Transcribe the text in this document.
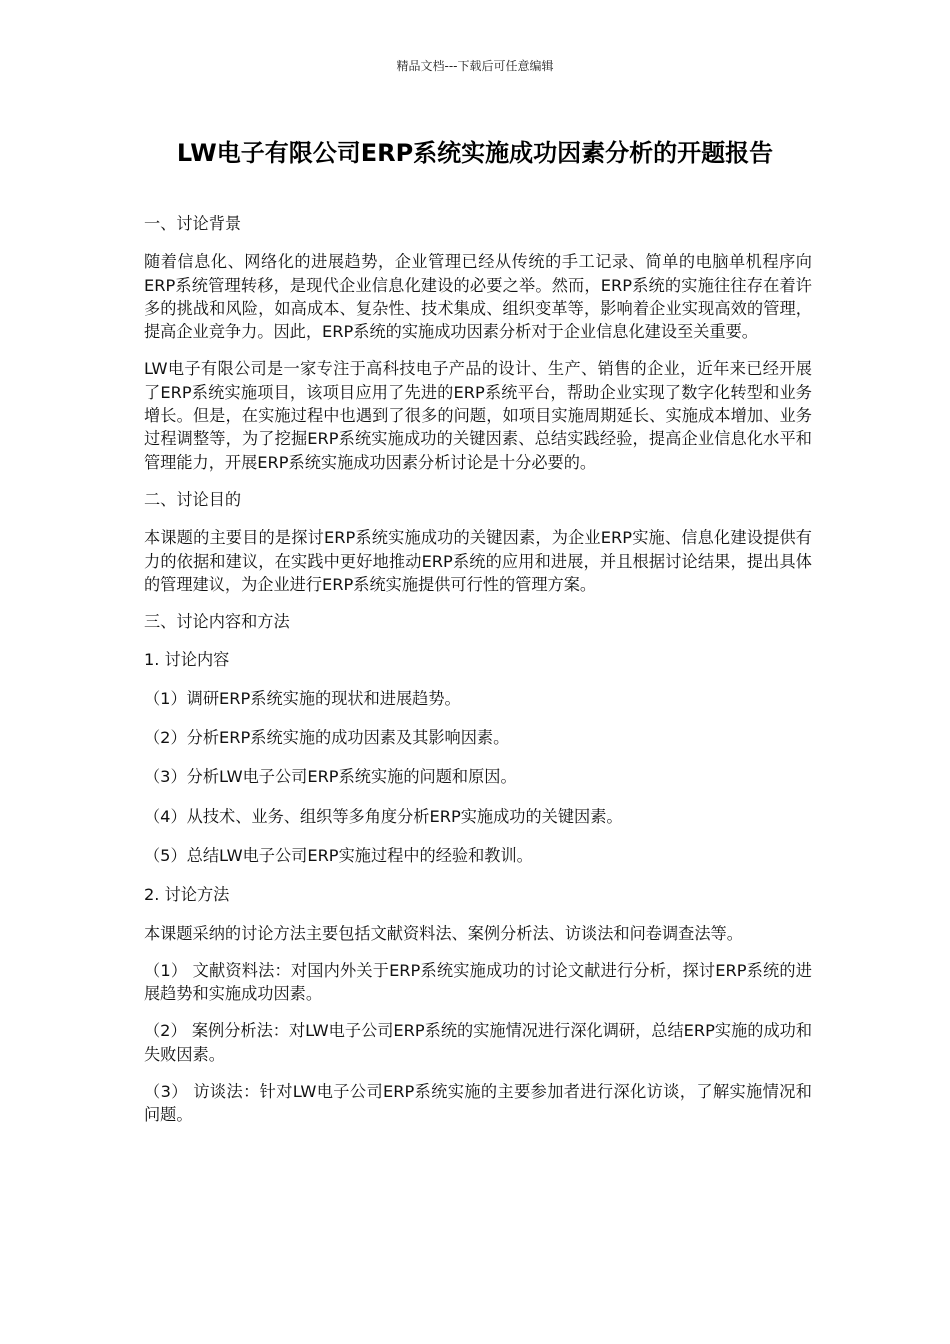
精品文档---下载后可任意编辑
LW电子有限公司ERP系统实施成功因素分析的开题报告

一、讨论背景

随着信息化、网络化的进展趋势，企业管理已经从传统的手工记录、简单的电脑单机程序向ERP系统管理转移，是现代企业信息化建设的必要之举。然而，ERP系统的实施往往存在着许多的挑战和风险，如高成本、复杂性、技术集成、组织变革等，影响着企业实现高效的管理，提高企业竞争力。因此，ERP系统的实施成功因素分析对于企业信息化建设至关重要。

LW电子有限公司是一家专注于高科技电子产品的设计、生产、销售的企业，近年来已经开展了ERP系统实施项目，该项目应用了先进的ERP系统平台，帮助企业实现了数字化转型和业务增长。但是，在实施过程中也遇到了很多的问题，如项目实施周期延长、实施成本增加、业务过程调整等，为了挖掘ERP系统实施成功的关键因素、总结实践经验，提高企业信息化水平和管理能力，开展ERP系统实施成功因素分析讨论是十分必要的。

二、讨论目的

本课题的主要目的是探讨ERP系统实施成功的关键因素，为企业ERP实施、信息化建设提供有力的依据和建议，在实践中更好地推动ERP系统的应用和进展，并且根据讨论结果，提出具体的管理建议，为企业进行ERP系统实施提供可行性的管理方案。

三、讨论内容和方法

1. 讨论内容

（1）调研ERP系统实施的现状和进展趋势。

（2）分析ERP系统实施的成功因素及其影响因素。

（3）分析LW电子公司ERP系统实施的问题和原因。

（4）从技术、业务、组织等多角度分析ERP实施成功的关键因素。

（5）总结LW电子公司ERP实施过程中的经验和教训。

2. 讨论方法

本课题采纳的讨论方法主要包括文献资料法、案例分析法、访谈法和问卷调查法等。

（1） 文献资料法：对国内外关于ERP系统实施成功的讨论文献进行分析，探讨ERP系统的进展趋势和实施成功因素。

（2） 案例分析法：对LW电子公司ERP系统的实施情况进行深化调研，总结ERP实施的成功和失败因素。

（3） 访谈法：针对LW电子公司ERP系统实施的主要参加者进行深化访谈，了解实施情况和问题。
